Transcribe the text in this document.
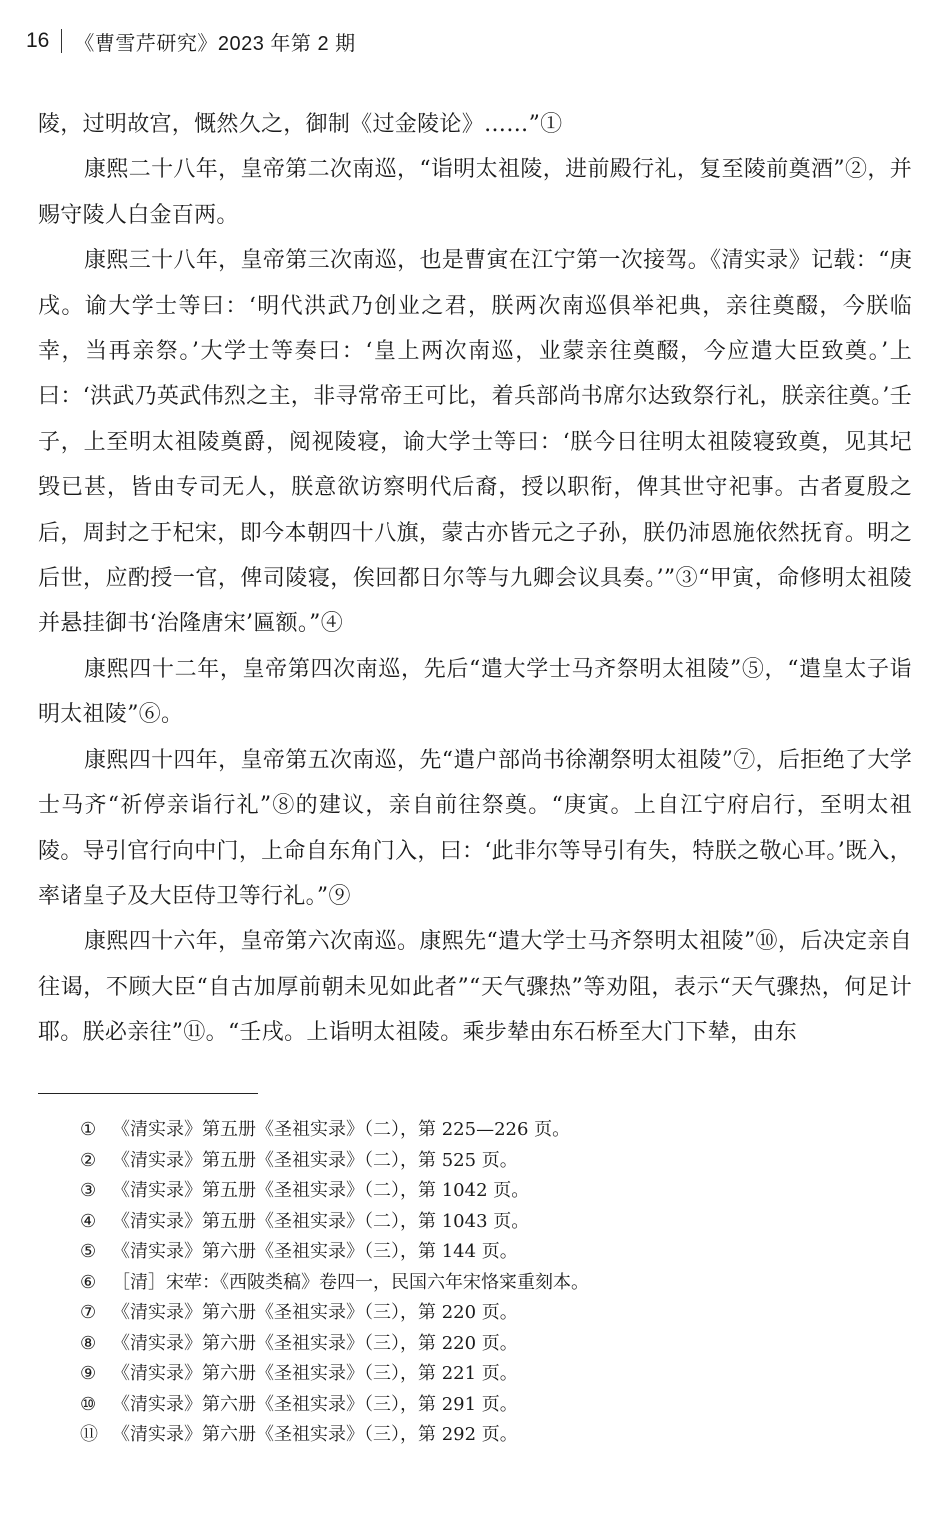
16 《曹雪芹研究》2023 年第 2 期

陵，过明故宫，慨然久之，御制《过金陵论》……”①

康熙二十八年，皇帝第二次南巡，“诣明太祖陵，进前殿行礼，复至陵前奠酒”②，并赐守陵人白金百两。

康熙三十八年，皇帝第三次南巡，也是曹寅在江宁第一次接驾。《清实录》记载：“庚戌。谕大学士等曰：‘明代洪武乃创业之君，朕两次南巡俱举祀典，亲往奠醊，今朕临幸，当再亲祭。’大学士等奏曰：‘皇上两次南巡，业蒙亲往奠醊，今应遣大臣致奠。’上曰：‘洪武乃英武伟烈之主，非寻常帝王可比，着兵部尚书席尔达致祭行礼，朕亲往奠。’壬子，上至明太祖陵奠爵，阅视陵寝，谕大学士等曰：‘朕今日往明太祖陵寝致奠，见其圮毁已甚，皆由专司无人，朕意欲访察明代后裔，授以职衔，俾其世守祀事。古者夏殷之后，周封之于杞宋，即今本朝四十八旗，蒙古亦皆元之子孙，朕仍沛恩施依然抚育。明之后世，应酌授一官，俾司陵寝，俟回都日尔等与九卿会议具奏。’”③“甲寅，命修明太祖陵并悬挂御书‘治隆唐宋’匾额。”④

康熙四十二年，皇帝第四次南巡，先后“遣大学士马齐祭明太祖陵”⑤，“遣皇太子诣明太祖陵”⑥。

康熙四十四年，皇帝第五次南巡，先“遣户部尚书徐潮祭明太祖陵”⑦，后拒绝了大学士马齐“祈停亲诣行礼”⑧的建议，亲自前往祭奠。“庚寅。上自江宁府启行，至明太祖陵。导引官行向中门，上命自东角门入，曰：‘此非尔等导引有失，特朕之敬心耳。’既入，率诸皇子及大臣侍卫等行礼。”⑨

康熙四十六年，皇帝第六次南巡。康熙先“遣大学士马齐祭明太祖陵”⑩，后决定亲自往谒，不顾大臣“自古加厚前朝未见如此者”“天气骤热”等劝阻，表示“天气骤热，何足计耶。朕必亲往”⑪。“壬戌。上诣明太祖陵。乘步辇由东石桥至大门下辇，由东

① 《清实录》第五册《圣祖实录》（二），第 225—226 页。
② 《清实录》第五册《圣祖实录》（二），第 525 页。
③ 《清实录》第五册《圣祖实录》（二），第 1042 页。
④ 《清实录》第五册《圣祖实录》（二），第 1043 页。
⑤ 《清实录》第六册《圣祖实录》（三），第 144 页。
⑥ ［清］宋荦：《西陂类稿》卷四一，民国六年宋恪寀重刻本。
⑦ 《清实录》第六册《圣祖实录》（三），第 220 页。
⑧ 《清实录》第六册《圣祖实录》（三），第 220 页。
⑨ 《清实录》第六册《圣祖实录》（三），第 221 页。
⑩ 《清实录》第六册《圣祖实录》（三），第 291 页。
⑪ 《清实录》第六册《圣祖实录》（三），第 292 页。
